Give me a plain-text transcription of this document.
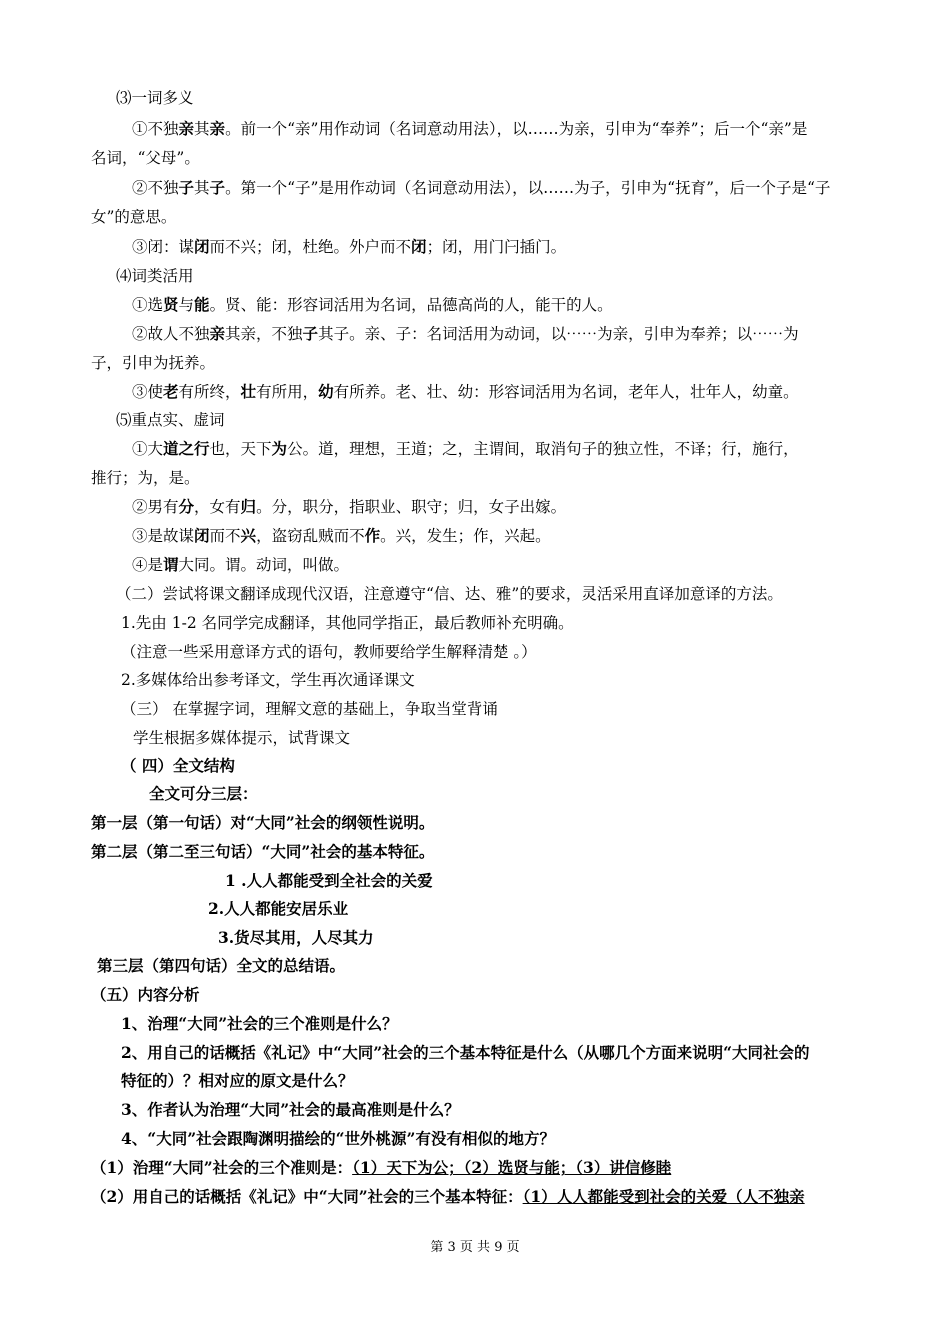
⑶一词多义
①不独亲其亲。前一个“亲”用作动词（名词意动用法），以……为亲，引申为“奉养”；后一个“亲”是
名词，“父母”。
②不独子其子。第一个“子”是用作动词（名词意动用法），以……为子，引申为“抚育”，后一个子是“子
女”的意思。
③闭：谋闭而不兴；闭，杜绝。外户而不闭；闭，用门闩插门。
⑷词类活用
①选贤与能。贤、能：形容词活用为名词，品德高尚的人，能干的人。
②故人不独亲其亲，不独子其子。亲、子：名词活用为动词，以⋯⋯为亲，引申为奉养；以⋯⋯为
子，引申为抚养。
③使老有所终，壮有所用，幼有所养。老、壮、幼：形容词活用为名词，老年人，壮年人，幼童。
⑸重点实、虚词
①大道之行也，天下为公。道，理想，王道；之，主谓间，取消句子的独立性，不译；行，施行，
推行；为，是。
②男有分，女有归。分，职分，指职业、职守；归，女子出嫁。
③是故谋闭而不兴，盗窃乱贼而不作。兴，发生；作，兴起。
④是谓大同。谓。动词，叫做。
（二）尝试将课文翻译成现代汉语，注意遵守“信、达、雅”的要求，灵活采用直译加意译的方法。
1.先由 1-2 名同学完成翻译，其他同学指正，最后教师补充明确。
（注意一些采用意译方式的语句，教师要给学生解释清楚 。）
2.多媒体给出参考译文，学生再次通译课文
（三） 在掌握字词，理解文意的基础上，争取当堂背诵
学生根据多媒体提示，试背课文
（ 四）全文结构
全文可分三层：
第一层（第一句话）对“大同”社会的纲领性说明。
第二层（第二至三句话）“大同”社会的基本特征。
1 .人人都能受到全社会的关爱
2.人人都能安居乐业
3.货尽其用，人尽其力
第三层（第四句话）全文的总结语。
（五）内容分析
1、治理“大同”社会的三个准则是什么？
2、用自己的话概括《礼记》中“大同”社会的三个基本特征是什么（从哪几个方面来说明“大同社会的
特征的）？相对应的原文是什么？
3、作者认为治理“大同”社会的最高准则是什么？
4、“大同”社会跟陶渊明描绘的“世外桃源”有没有相似的地方？
（1）治理“大同”社会的三个准则是：（1）天下为公；（2）选贤与能；（3）讲信修睦
（2）用自己的话概括《礼记》中“大同”社会的三个基本特征：（1）人人都能受到社会的关爱（人不独亲
第 3 页 共 9 页
